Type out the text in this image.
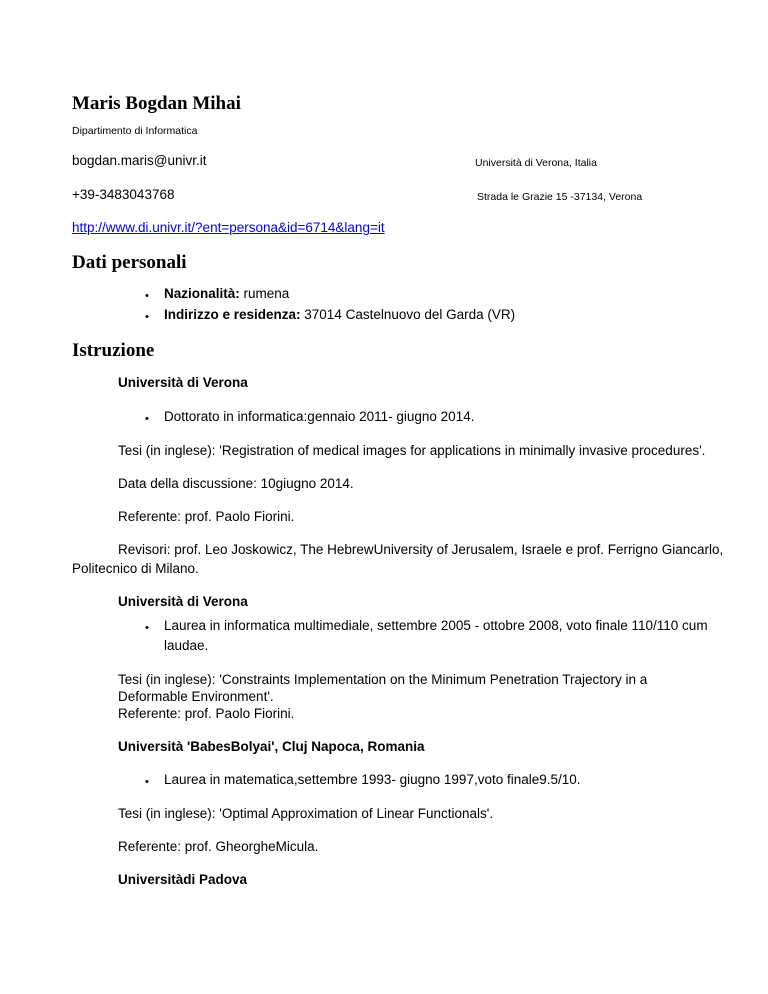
Maris Bogdan Mihai
Dipartimento di Informatica
bogdan.maris@univr.it	Università di Verona, Italia
+39-3483043768	Strada le Grazie 15 -37134, Verona
http://www.di.univr.it/?ent=persona&id=6714&lang=it
Dati personali
• Nazionalità: rumena
• Indirizzo e residenza: 37014 Castelnuovo del Garda (VR)
Istruzione
Università di Verona
• Dottorato in informatica:gennaio 2011- giugno 2014.
Tesi (in inglese): 'Registration of medical images for applications in minimally invasive procedures'.
Data della discussione: 10giugno 2014.
Referente: prof. Paolo Fiorini.
Revisori: prof. Leo Joskowicz, The HebrewUniversity of Jerusalem, Israele e prof. Ferrigno Giancarlo,
Politecnico di Milano.
Università di Verona
• Laurea in informatica multimediale, settembre 2005 - ottobre 2008, voto finale 110/110 cum
laudae.
Tesi (in inglese): 'Constraints Implementation on the Minimum Penetration Trajectory in a
Deformable Environment'.
Referente: prof. Paolo Fiorini.
Università 'BabesBolyai', Cluj Napoca, Romania
• Laurea in matematica,settembre 1993- giugno 1997,voto finale9.5/10.
Tesi (in inglese): 'Optimal Approximation of Linear Functionals'.
Referente: prof. GheorgheMicula.
Universitàdi Padova
